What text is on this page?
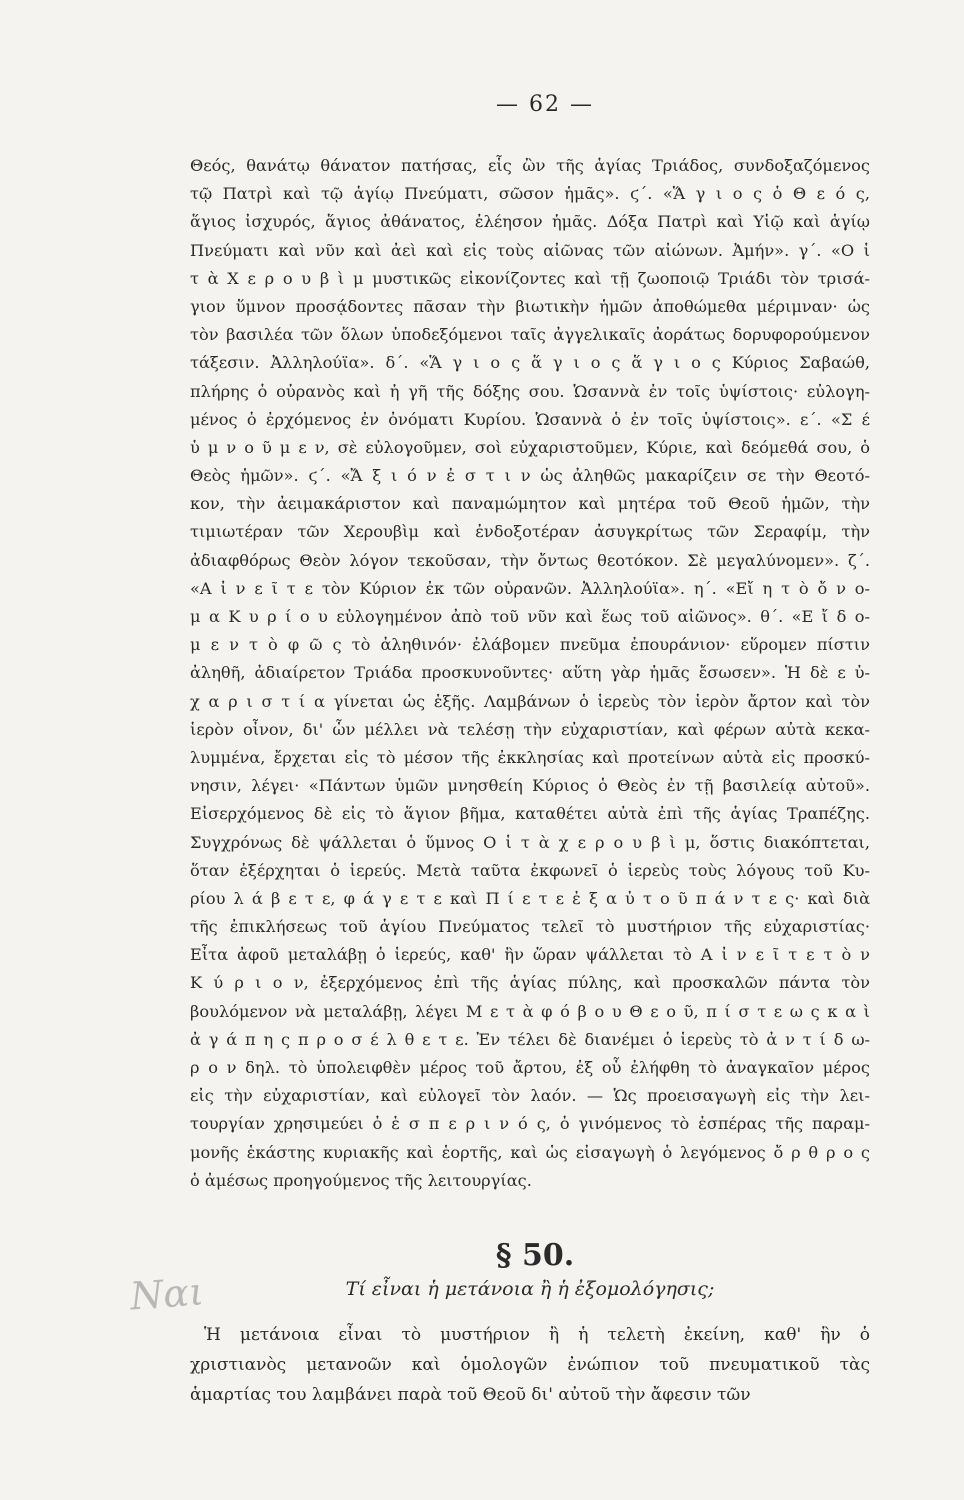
— 62 —
Θεός, θανάτῳ θάνατον πατήσας, εἷς ὢν τῆς ἁγίας Τριάδος, συνδοξαζόμενος
τῷ Πατρὶ καὶ τῷ ἁγίῳ Πνεύματι, σῶσον ἡμᾶς». ϛ΄. «Ἅ γ ι ο ς ὁ Θ ε ό ς,
ἅγιος ἰσχυρός, ἅγιος ἀθάνατος, ἐλέησον ἡμᾶς. Δόξα Πατρὶ καὶ Υἱῷ καὶ ἁγίῳ
Πνεύματι καὶ νῦν καὶ ἀεὶ καὶ εἰς τοὺς αἰῶνας τῶν αἰώνων. Ἀμήν». γ΄. «Ο ἱ
τ ὰ Χ ε ρ ο υ β ὶ μ μυστικῶς εἰκονίζοντες καὶ τῇ ζωοποιῷ Τριάδι τὸν τρισά-
γιον ὕμνον προσᾴδοντες πᾶσαν τὴν βιωτικὴν ἡμῶν ἀποθώμεθα μέριμναν· ὡς
τὸν βασιλέα τῶν ὅλων ὑποδεξόμενοι ταῖς ἀγγελικαῖς ἀοράτως δορυφορούμενον
τάξεσιν. Ἀλληλούϊα». δ΄. «Ἅ γ ι ο ς ἅ γ ι ο ς ἅ γ ι ο ς Κύριος Σαβαώθ,
πλήρης ὁ οὐρανὸς καὶ ἡ γῆ τῆς δόξης σου. Ὡσαννὰ ἐν τοῖς ὑψίστοις· εὐλογη-
μένος ὁ ἐρχόμενος ἐν ὀνόματι Κυρίου. Ὡσαννὰ ὁ ἐν τοῖς ὑψίστοις». ε΄. «Σ έ
ὑ μ ν ο ῦ μ ε ν, σὲ εὐλογοῦμεν, σοὶ εὐχαριστοῦμεν, Κύριε, καὶ δεόμεθά σου, ὁ
Θεὸς ἡμῶν». ϛ΄. «Ἄ ξ ι ό ν ἐ σ τ ι ν ὡς ἀληθῶς μακαρίζειν σε τὴν Θεοτό-
κον, τὴν ἀειμακάριστον καὶ παναμώμητον καὶ μητέρα τοῦ Θεοῦ ἡμῶν, τὴν
τιμιωτέραν τῶν Χερουβὶμ καὶ ἐνδοξοτέραν ἀσυγκρίτως τῶν Σεραφίμ, τὴν
ἀδιαφθόρως Θεὸν λόγον τεκοῦσαν, τὴν ὄντως θεοτόκον. Σὲ μεγαλύνομεν». ζ΄.
«Α ἰ ν ε ῖ τ ε τὸν Κύριον ἐκ τῶν οὐρανῶν. Ἀλληλούϊα». η΄. «Εἴ η τ ὸ ὄ ν ο-
μ α Κ υ ρ ί ο υ εὐλογημένον ἀπὸ τοῦ νῦν καὶ ἕως τοῦ αἰῶνος». θ΄. «Ε ἴ δ ο-
μ ε ν τ ὸ φ ῶ ς τὸ ἀληθινόν· ἐλάβομεν πνεῦμα ἐπουράνιον· εὕρομεν πίστιν
ἀληθῆ, ἀδιαίρετον Τριάδα προσκυνοῦντες· αὕτη γὰρ ἡμᾶς ἔσωσεν». Ἡ δὲ ε ὐ-
χ α ρ ι σ τ ί α γίνεται ὡς ἑξῆς. Λαμβάνων ὁ ἱερεὺς τὸν ἱερὸν ἄρτον καὶ τὸν
ἱερὸν οἶνον, δι' ὧν μέλλει νὰ τελέσῃ τὴν εὐχαριστίαν, καὶ φέρων αὐτὰ κεκα-
λυμμένα, ἔρχεται εἰς τὸ μέσον τῆς ἐκκλησίας καὶ προτείνων αὐτὰ εἰς προσκύ-
νησιν, λέγει· «Πάντων ὑμῶν μνησθείη Κύριος ὁ Θεὸς ἐν τῇ βασιλείᾳ αὐτοῦ».
Εἰσερχόμενος δὲ εἰς τὸ ἅγιον βῆμα, καταθέτει αὐτὰ ἐπὶ τῆς ἁγίας Τραπέζης.
Συγχρόνως δὲ ψάλλεται ὁ ὕμνος Ο ἱ τ ὰ χ ε ρ ο υ β ὶ μ, ὅστις διακόπτεται,
ὅταν ἐξέρχηται ὁ ἱερεύς. Μετὰ ταῦτα ἐκφωνεῖ ὁ ἱερεὺς τοὺς λόγους τοῦ Κυ-
ρίου λ ά β ε τ ε, φ ά γ ε τ ε καὶ Π ί ε τ ε ἐ ξ α ὐ τ ο ῦ π ά ν τ ε ς· καὶ διὰ
τῆς ἐπικλήσεως τοῦ ἁγίου Πνεύματος τελεῖ τὸ μυστήριον τῆς εὐχαριστίας·
Εἶτα ἀφοῦ μεταλάβῃ ὁ ἱερεύς, καθ' ἣν ὥραν ψάλλεται τὸ Α ἰ ν ε ῖ τ ε τ ὸ ν
Κ ύ ρ ι ο ν, ἐξερχόμενος ἐπὶ τῆς ἁγίας πύλης, καὶ προσκαλῶν πάντα τὸν
βουλόμενον νὰ μεταλάβῃ, λέγει Μ ε τ ὰ φ ό β ο υ Θ ε ο ῦ, π ί σ τ ε ω ς κ α ὶ
ἀ γ ά π η ς π ρ ο σ έ λ θ ε τ ε. Ἐν τέλει δὲ διανέμει ὁ ἱερεὺς τὸ ἀ ν τ ί δ ω-
ρ ο ν δηλ. τὸ ὑπολειφθὲν μέρος τοῦ ἄρτου, ἐξ οὗ ἐλήφθη τὸ ἀναγκαῖον μέρος
εἰς τὴν εὐχαριστίαν, καὶ εὐλογεῖ τὸν λαόν. — Ὡς προεισαγωγὴ εἰς τὴν λει-
τουργίαν χρησιμεύει ὁ ἑ σ π ε ρ ι ν ό ς, ὁ γινόμενος τὸ ἑσπέρας τῆς παραμ-
μονῆς ἑκάστης κυριακῆς καὶ ἑορτῆς, καὶ ὡς εἰσαγωγὴ ὁ λεγόμενος ὄ ρ θ ρ ο ς
ὁ ἀμέσως προηγούμενος τῆς λειτουργίας.
§ 50.
Ναι	Τί εἶναι ἡ μετάνοια ἢ ἡ ἐξομολόγησις;
Ἡ μετάνοια εἶναι τὸ μυστήριον ἢ ἡ τελετὴ ἐκείνη, καθ' ἣν ὁ
χριστιανὸς μετανοῶν καὶ ὁμολογῶν ἐνώπιον τοῦ πνευματικοῦ τὰς
ἁμαρτίας του λαμβάνει παρὰ τοῦ Θεοῦ δι' αὐτοῦ τὴν ἄφεσιν τῶν
